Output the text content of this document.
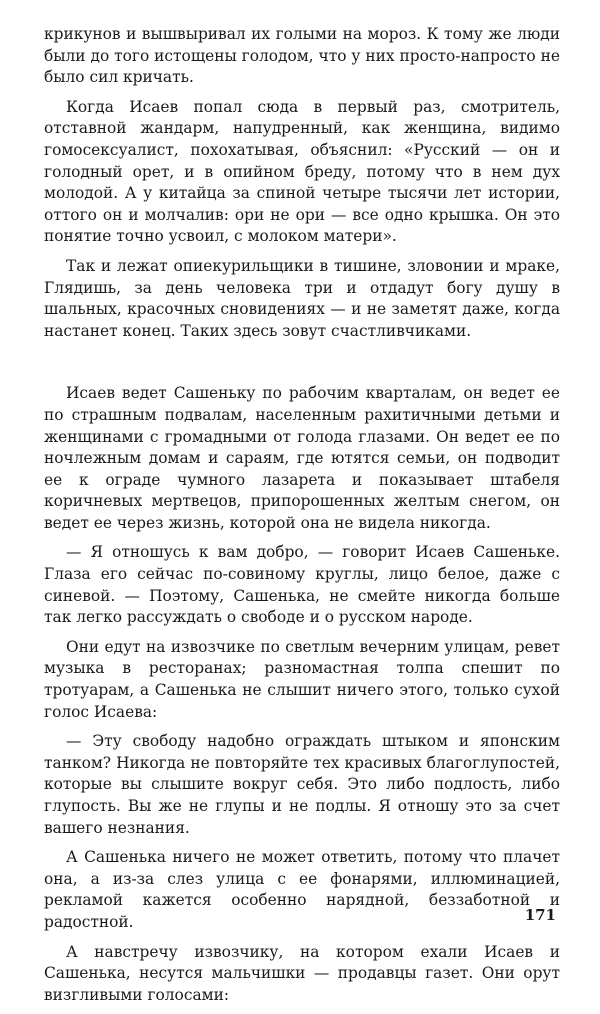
крикунов и вышвыривал их голыми на мороз. К тому же люди были до того истощены голодом, что у них просто-напросто не было сил кричать.

Когда Исаев попал сюда в первый раз, смотритель, отставной жандарм, напудренный, как женщина, видимо гомосексуалист, похохатывая, объяснил: «Русский — он и голодный орет, и в опийном бреду, потому что в нем дух молодой. А у китайца за спиной четыре тысячи лет истории, оттого он и молчалив: ори не ори — все одно крышка. Он это понятие точно усвоил, с молоком матери».

Так и лежат опиекурильщики в тишине, зловонии и мраке, Глядишь, за день человека три и отдадут богу душу в шальных, красочных сновидениях — и не заметят даже, когда настанет конец. Таких здесь зовут счастливчиками.

Исаев ведет Сашеньку по рабочим кварталам, он ведет ее по страшным подвалам, населенным рахитичными детьми и женщинами с громадными от голода глазами. Он ведет ее по ночлежным домам и сараям, где ютятся семьи, он подводит ее к ограде чумного лазарета и показывает штабеля коричневых мертвецов, припорошенных желтым снегом, он ведет ее через жизнь, которой она не видела никогда.

— Я отношусь к вам добро, — говорит Исаев Сашеньке. Глаза его сейчас по-совиному круглы, лицо белое, даже с синевой. — Поэтому, Сашенька, не смейте никогда больше так легко рассуждать о свободе и о русском народе.

Они едут на извозчике по светлым вечерним улицам, ревет музыка в ресторанах; разномастная толпа спешит по тротуарам, а Сашенька не слышит ничего этого, только сухой голос Исаева:

— Эту свободу надобно ограждать штыком и японским танком? Никогда не повторяйте тех красивых благоглупостей, которые вы слышите вокруг себя. Это либо подлость, либо глупость. Вы же не глупы и не подлы. Я отношу это за счет вашего незнания.

А Сашенька ничего не может ответить, потому что плачет она, а из-за слез улица с ее фонарями, иллюминацией, рекламой кажется особенно нарядной, беззаботной и радостной.

А навстречу извозчику, на котором ехали Исаев и Сашенька, несутся мальчишки — продавцы газет. Они орут визгливыми голосами:

171
